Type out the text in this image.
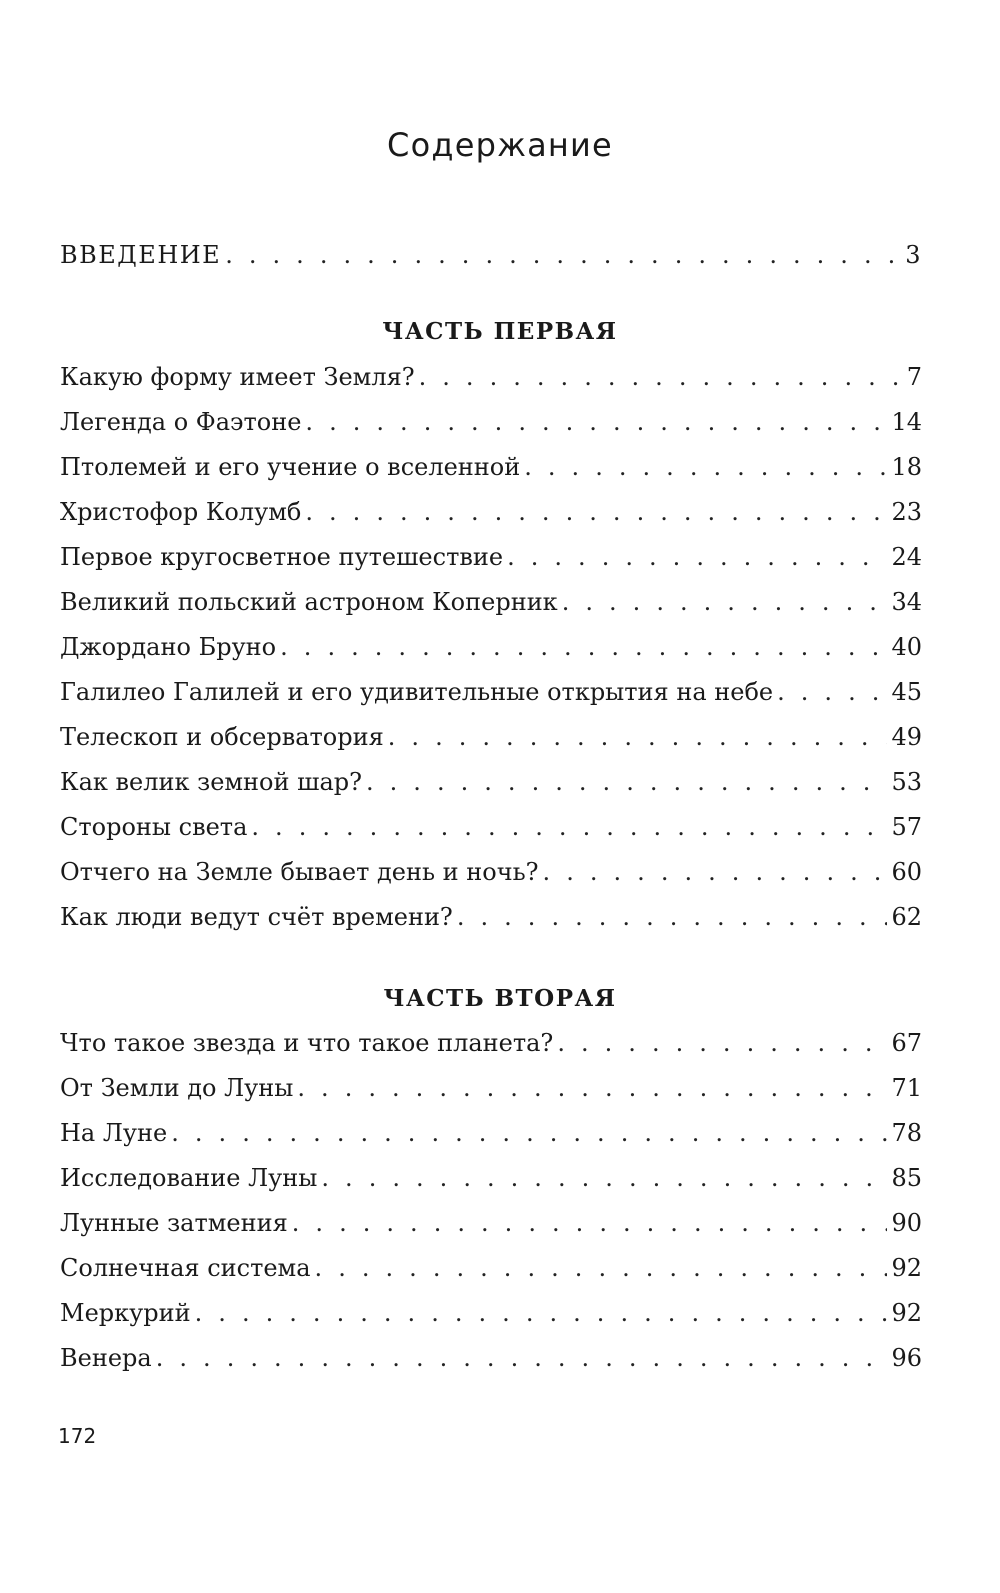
Содержание
ВВЕДЕНИЕ . . .	3
ЧАСТЬ ПЕРВАЯ
Какую форму имеет Земля? . . .	7
Легенда о Фаэтоне . . .	14
Птолемей и его учение о вселенной . . .	18
Христофор Колумб . . .	23
Первое кругосветное путешествие . . .	24
Великий польский астроном Коперник . . .	34
Джордано Бруно . . .	40
Галилео Галилей и его удивительные открытия на небе . . .	45
Телескоп и обсерватория . . .	49
Как велик земной шар? . . .	53
Стороны света . . .	57
Отчего на Земле бывает день и ночь? . . .	60
Как люди ведут счёт времени? . . .	62
ЧАСТЬ ВТОРАЯ
Что такое звезда и что такое планета? . . .	67
От Земли до Луны . . .	71
На Луне . . .	78
Исследование Луны . . .	85
Лунные затмения . . .	90
Солнечная система . . .	92
Меркурий . . .	92
Венера . . .	96
172
